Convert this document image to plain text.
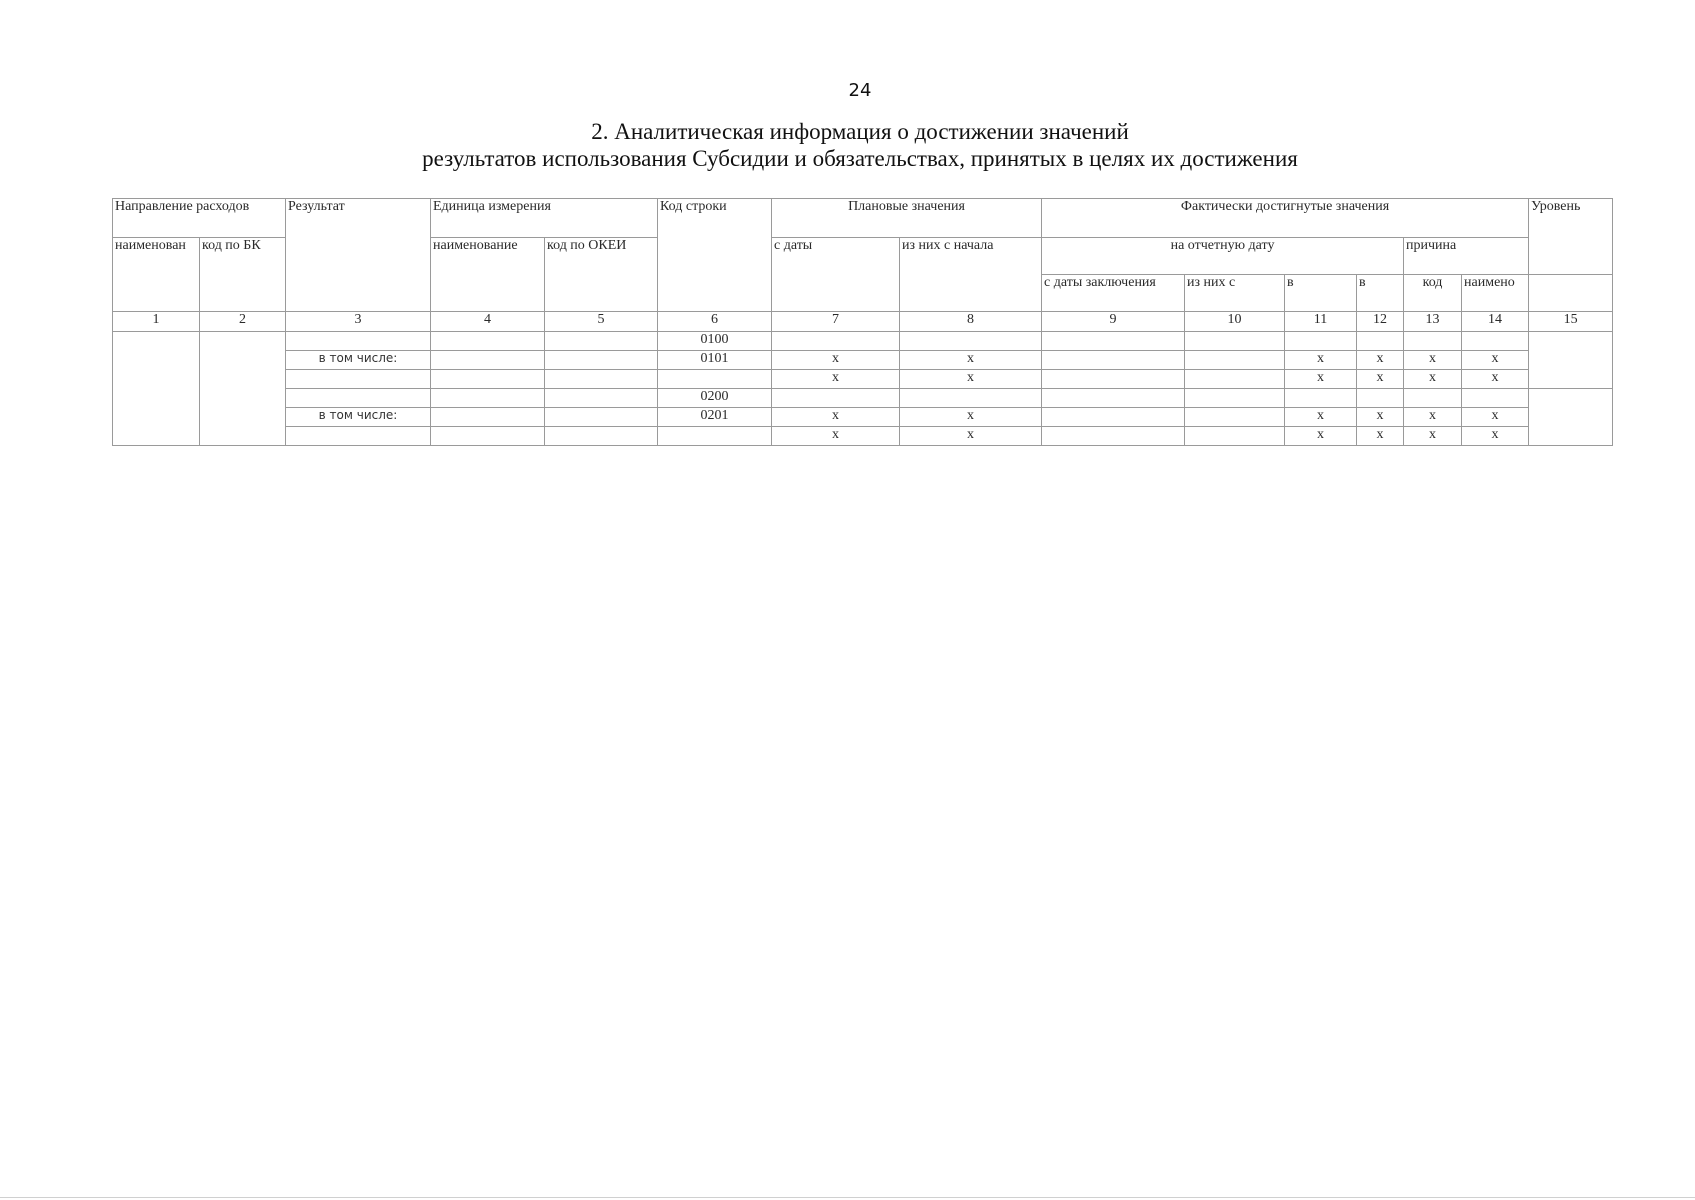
24
2. Аналитическая информация о достижении значений
результатов использования Субсидии и обязательствах, принятых в целях их достижения
Направление расходов		Результат	Единица измерения		Код строки	Плановые значения		Фактически достигнутые значения						Уровень
наименован	код по БК		наименование	код по ОКЕИ		с даты	из них с начала	на отчетную дату				причина		
								с даты заключения	из них с	в	в	код	наимено	
1	2	3	4	5	6	7	8	9	10	11	12	13	14	15
					0100									
		в том числе:			0101	x	x			x	x	x	x	
						x	x			x	x	x	x	
					0200									
		в том числе:			0201	x	x			x	x	x	x	
						x	x			x	x	x	x	
